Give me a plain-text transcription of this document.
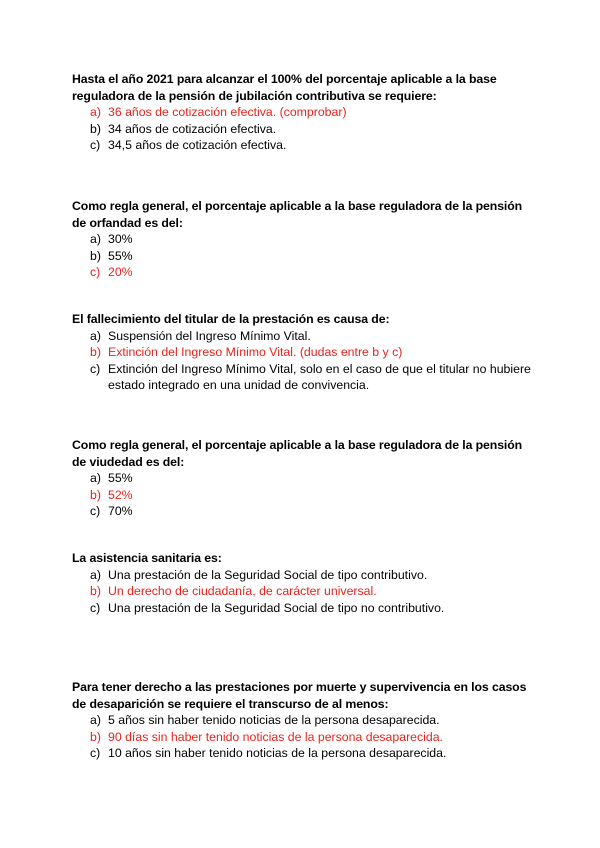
Hasta el año 2021 para alcanzar el 100% del porcentaje aplicable a la base reguladora de la pensión de jubilación contributiva se requiere:

a) 36 años de cotización efectiva. (comprobar)
b) 34 años de cotización efectiva.
c) 34,5 años de cotización efectiva.

Como regla general, el porcentaje aplicable a la base reguladora de la pensión de orfandad es del:

a) 30%
b) 55%
c) 20%

El fallecimiento del titular de la prestación es causa de:

a) Suspensión del Ingreso Mínimo Vital.
b) Extinción del Ingreso Mínimo Vital. (dudas entre b y c)
c) Extinción del Ingreso Mínimo Vital, solo en el caso de que el titular no hubiere estado integrado en una unidad de convivencia.

Como regla general, el porcentaje aplicable a la base reguladora de la pensión de viudedad es del:

a) 55%
b) 52%
c) 70%

La asistencia sanitaria es:

a) Una prestación de la Seguridad Social de tipo contributivo.
b) Un derecho de ciudadanía, de carácter universal.
c) Una prestación de la Seguridad Social de tipo no contributivo.

Para tener derecho a las prestaciones por muerte y supervivencia en los casos de desaparición se requiere el transcurso de al menos:

a) 5 años sin haber tenido noticias de la persona desaparecida.
b) 90 días sin haber tenido noticias de la persona desaparecida.
c) 10 años sin haber tenido noticias de la persona desaparecida.
